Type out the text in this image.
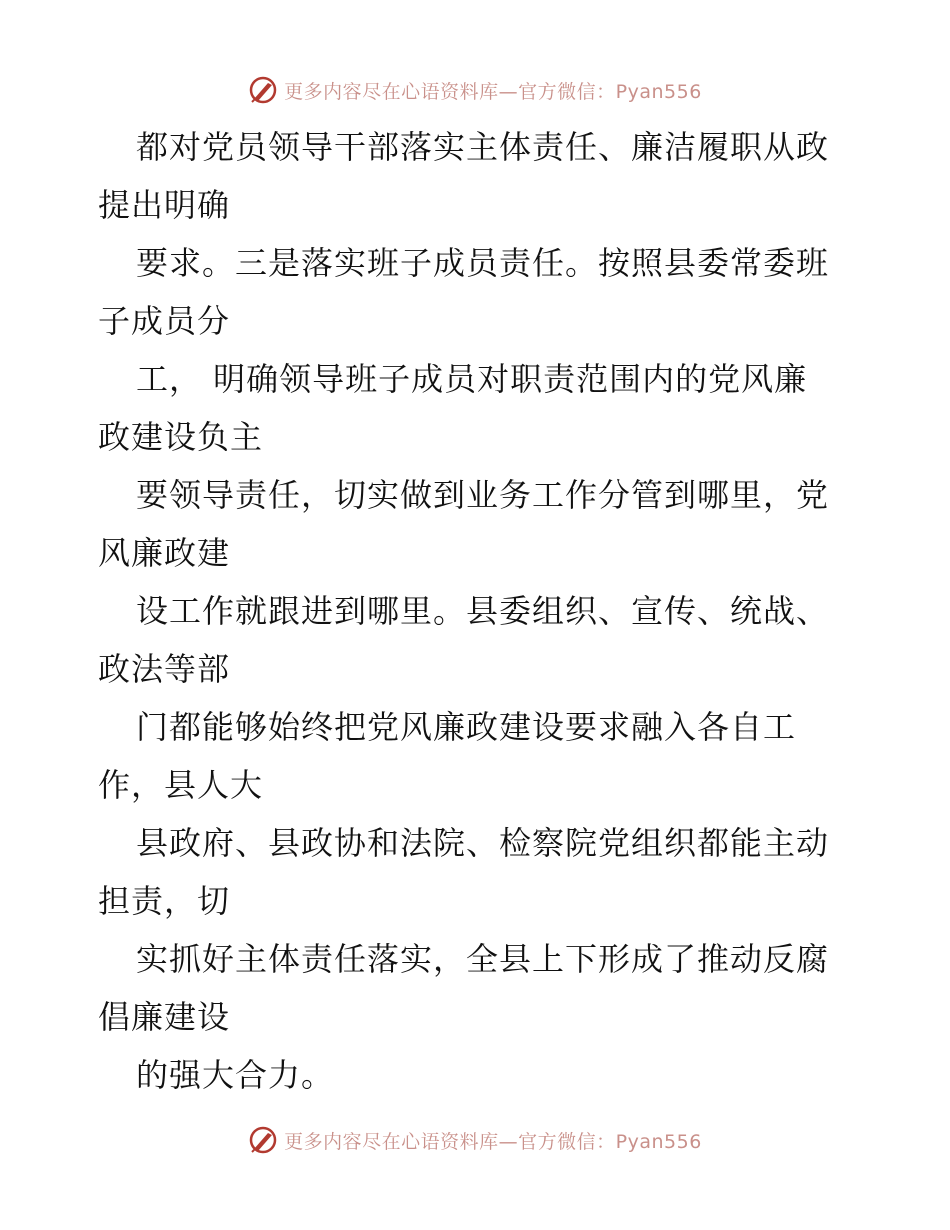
更多内容尽在心语资料库—官方微信：Pyan556
都对党员领导干部落实主体责任、廉洁履职从政
提出明确
要求。三是落实班子成员责任。按照县委常委班
子成员分
工， 明确领导班子成员对职责范围内的党风廉
政建设负主
要领导责任，切实做到业务工作分管到哪里，党
风廉政建
设工作就跟进到哪里。县委组织、宣传、统战、
政法等部
门都能够始终把党风廉政建设要求融入各自工
作，县人大
县政府、县政协和法院、检察院党组织都能主动
担责，切
实抓好主体责任落实，全县上下形成了推动反腐
倡廉建设
的强大合力。
更多内容尽在心语资料库—官方微信：Pyan556
